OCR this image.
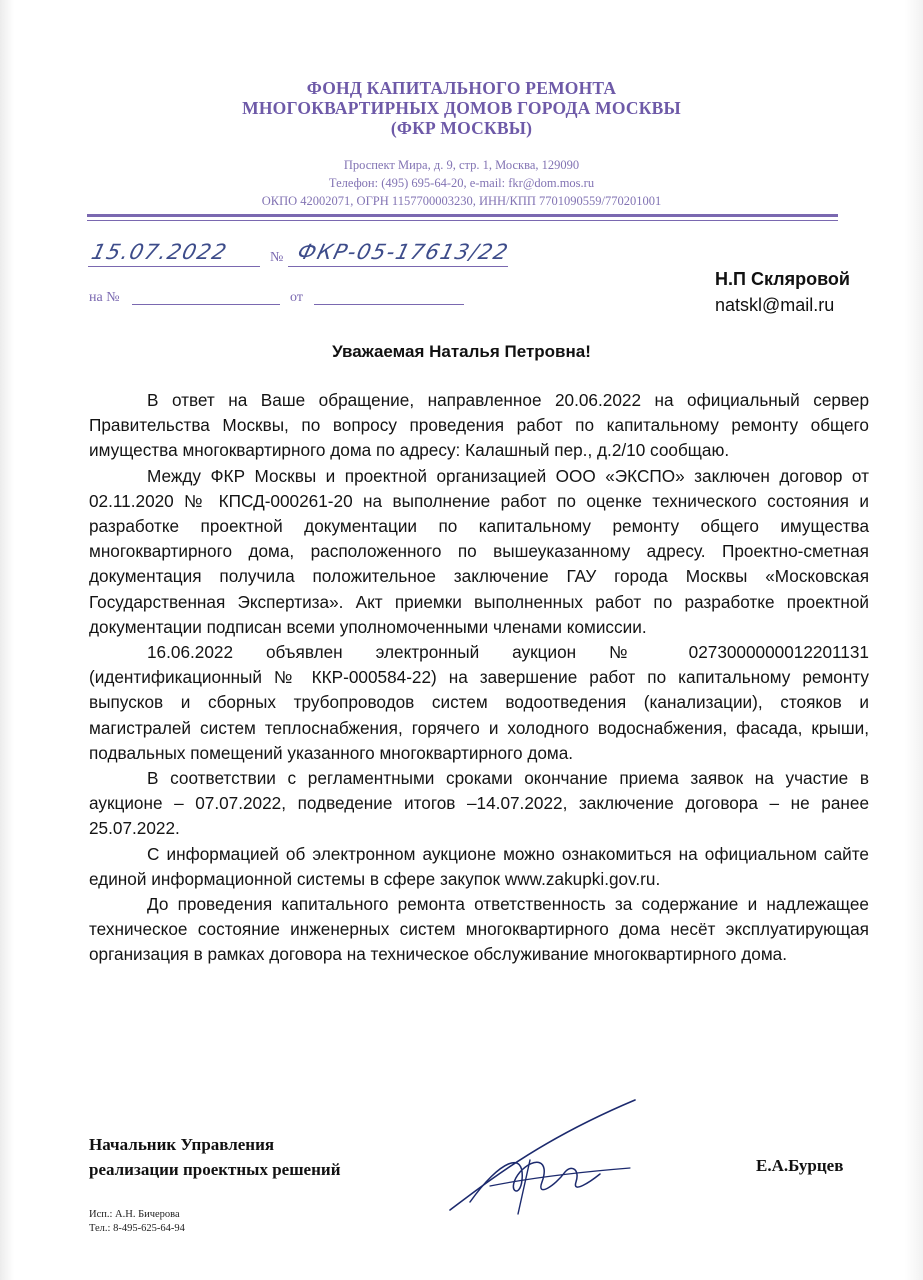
ФОНД КАПИТАЛЬНОГО РЕМОНТА
МНОГОКВАРТИРНЫХ ДОМОВ ГОРОДА МОСКВЫ
(ФКР МОСКВЫ)
Проспект Мира, д. 9, стр. 1, Москва, 129090
Телефон: (495) 695-64-20, e-mail: fkr@dom.mos.ru
ОКПО 42002071, ОГРН 1157700003230, ИНН/КПП 7701090559/770201001
15.07.2022	№ ФКР-05-17613/22
на №	от
Н.П Скляровой
natskl@mail.ru
Уважаемая Наталья Петровна!

В ответ на Ваше обращение, направленное 20.06.2022 на официальный сервер Правительства Москвы, по вопросу проведения работ по капитальному ремонту общего имущества многоквартирного дома по адресу: Калашный пер., д.2/10 сообщаю.

Между ФКР Москвы и проектной организацией ООО «ЭКСПО» заключен договор от 02.11.2020 № КПСД-000261-20 на выполнение работ по оценке технического состояния и разработке проектной документации по капитальному ремонту общего имущества многоквартирного дома, расположенного по вышеуказанному адресу. Проектно-сметная документация получила положительное заключение ГАУ города Москвы «Московская Государственная Экспертиза». Акт приемки выполненных работ по разработке проектной документации подписан всеми уполномоченными членами комиссии.

16.06.2022 объявлен электронный аукцион № 0273000000012201131 (идентификационный № ККР-000584-22) на завершение работ по капитальному ремонту выпусков и сборных трубопроводов систем водоотведения (канализации), стояков и магистралей систем теплоснабжения, горячего и холодного водоснабжения, фасада, крыши, подвальных помещений указанного многоквартирного дома.

В соответствии с регламентными сроками окончание приема заявок на участие в аукционе – 07.07.2022, подведение итогов –14.07.2022, заключение договора – не ранее 25.07.2022.

С информацией об электронном аукционе можно ознакомиться на официальном сайте единой информационной системы в сфере закупок www.zakupki.gov.ru.

До проведения капитального ремонта ответственность за содержание и надлежащее техническое состояние инженерных систем многоквартирного дома несёт эксплуатирующая организация в рамках договора на техническое обслуживание многоквартирного дома.

Начальник Управления
реализации проектных решений	Е.А.Бурцев
Исп.: А.Н. Бичерова
Тел.: 8-495-625-64-94
